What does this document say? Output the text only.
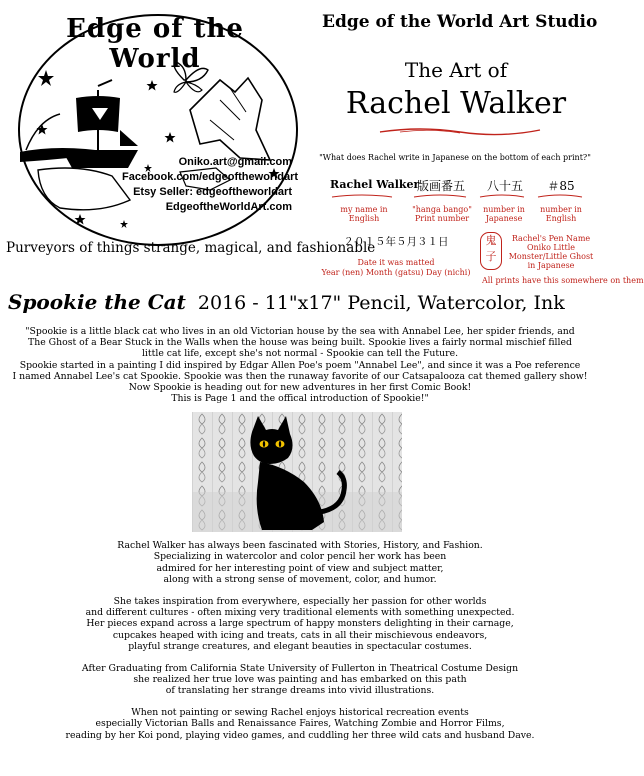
Edge of the World
Oniko.art@gmail.com
Facebook.com/edgeoftheworldart
Etsy Seller: edgeoftheworldart
EdgeoftheWorldArt.com
Purveyors of things strange, magical, and fashionable
Edge of the World Art Studio
The Art of
Rachel Walker
"What does Rachel write in Japanese on the bottom of each print?"
Rachel Walker
版画番五	八十五	＃85
my name in English
"hanga bango" Print number
number in Japanese
number in English
２０１５年５月３１日
Date it was matted
Year (nen) Month (gatsu) Day (nichi)
鬼子
Rachel's Pen Name Oniko Little Monster/Little Ghost in Japanese
All prints have this somewhere on them
Spookie the Cat 2016 - 11"x17" Pencil, Watercolor, Ink
"Spookie is a little black cat who lives in an old Victorian house by the sea with Annabel Lee, her spider friends, and
The Ghost of a Bear Stuck in the Walls when the house was being built. Spookie lives a fairly normal mischief filled
little cat life, except she's not normal - Spookie can tell the Future.
Spookie started in a painting I did inspired by Edgar Allen Poe's poem "Annabel Lee", and since it was a Poe reference
I named Annabel Lee's cat Spookie. Spookie was then the runaway favorite of our Catsapalooza cat themed gallery show!
Now Spookie is heading out for new adventures in her first Comic Book!
This is Page 1 and the offical introduction of Spookie!"

Rachel Walker has always been fascinated with Stories, History, and Fashion.
Specializing in watercolor and color pencil her work has been
admired for her interesting point of view and subject matter,
along with a strong sense of movement, color, and humor.

She takes inspiration from everywhere, especially her passion for other worlds
and different cultures - often mixing very traditional elements with something unexpected.
Her pieces expand across a large spectrum of happy monsters delighting in their carnage,
cupcakes heaped with icing and treats, cats in all their mischievous endeavors,
playful strange creatures, and elegant beauties in spectacular costumes.

After Graduating from California State University of Fullerton in Theatrical Costume Design
she realized her true love was painting and has embarked on this path
of translating her strange dreams into vivid illustrations.

When not painting or sewing Rachel enjoys historical recreation events
especially Victorian Balls and Renaissance Faires, Watching Zombie and Horror Films,
reading by her Koi pond, playing video games, and cuddling her three wild cats and husband Dave.
